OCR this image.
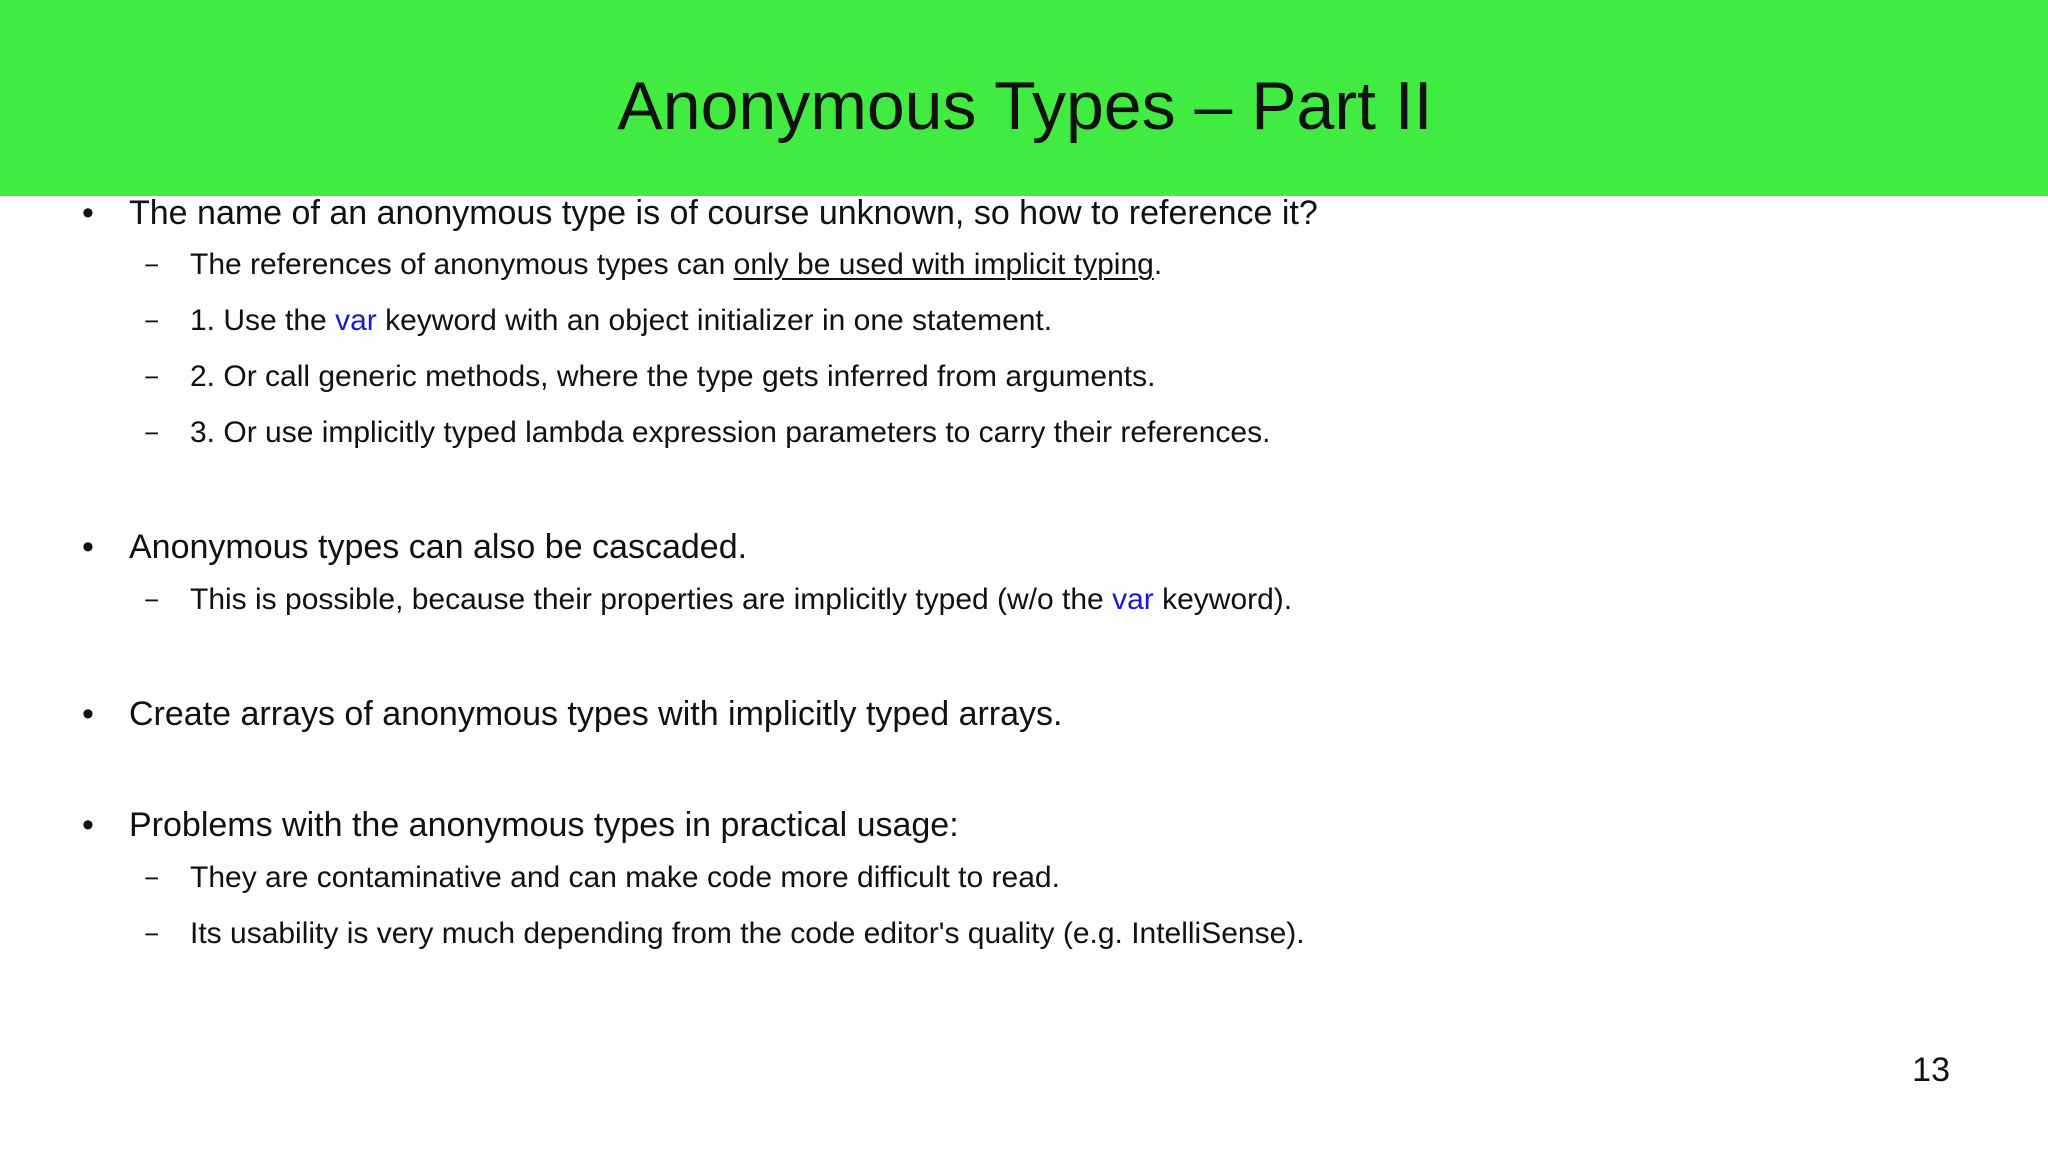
Anonymous Types – Part II
• The name of an anonymous type is of course unknown, so how to reference it?
− The references of anonymous types can only be used with implicit typing.
− 1. Use the var keyword with an object initializer in one statement.
− 2. Or call generic methods, where the type gets inferred from arguments.
− 3. Or use implicitly typed lambda expression parameters to carry their references.
• Anonymous types can also be cascaded.
− This is possible, because their properties are implicitly typed (w/o the var keyword).
• Create arrays of anonymous types with implicitly typed arrays.
• Problems with the anonymous types in practical usage:
− They are contaminative and can make code more difficult to read.
− Its usability is very much depending from the code editor's quality (e.g. IntelliSense).
13
